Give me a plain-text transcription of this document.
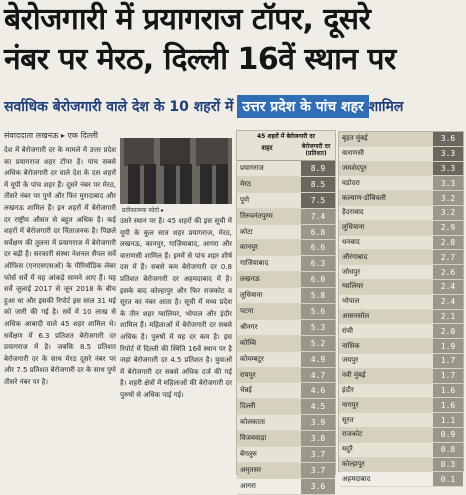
बेरोजगारी में प्रयागराज टॉपर, दूसरे
नंबर पर मेरठ, दिल्ली 16वें स्थान पर
सर्वाधिक बेरोजगारी वाले देश के 10 शहरों में उत्तर प्रदेश के पांच शहर शामिल
संवाददाता लखनऊ ▸ एक दिल्ली
देश में बेरोजगारी दर के मामले में उत्तर प्रदेश का प्रयागराज शहर टॉपर है। पांच सबसे अधिक बेरोजगारी दर वाले देश के दस शहरों में यूपी के पांच शहर हैं। दूसरे नंबर पर मेरठ, तीसरे नंबर पर पुणे और फिर मुरादाबाद और लखनऊ शामिल हैं। इन शहरों में बेरोजगारी दर राष्ट्रीय औसत से बहुत अधिक है। कई शहरों में बेरोजगारी दर चिंताजनक है। पिछले सर्वेक्षण की तुलना में प्रयागराज में बेरोजगारी दर बढ़ी है। सरकारी संस्था नेशनल सैंपल सर्वे ऑफिस (एनएसएसओ) के पीरियॉडिक लेबर फोर्स सर्वे में यह आंकड़े सामने आए हैं। यह सर्वे जुलाई 2017 से जून 2018 के बीच हुआ था और इसकी रिपोर्ट इस साल 31 मई को जारी की गई है। सर्वे में 10 लाख से अधिक आबादी वाले 45 शहर शामिल थे। सर्वेक्षण में 6.3 प्रतिशत बेरोजगारी दर प्रयागराज में है। जबकि 8.5 प्रतिशत बेरोजगारी दर के साथ मेरठ दूसरे नंबर पर और 7.5 प्रतिशत बेरोजगारी दर के साथ पुणे तीसरे नंबर पर है।
प्रतीकात्मक फोटो ▸
उसरे स्थान पर है। 45 शहरों की इस सूची में यूपी के कुल सात शहर प्रयागराज, मेरठ, लखनऊ, कानपुर, गाजियाबाद, आगरा और वाराणसी शामिल हैं। इनमें से पांच शहर शीर्ष दस में हैं। सबसे कम बेरोजगारी दर 0.8 प्रतिशत बेरोजगारी दर अहमदाबाद में है। इसके बाद कोल्हापुर और फिर राजकोट व सूरत का नंबर आता है। सूची में मध्य प्रदेश के तीन शहर ग्वालियर, भोपाल और इंदौर शामिल हैं। महिलाओं में बेरोजगारी दर सबसे अधिक है। पुरुषों में यह दर कम है। इस रिपोर्ट में दिल्ली की स्थिति 16वें स्थान पर है जहां बेरोजगारी दर 4.5 प्रतिशत है। युवाओं में बेरोजगारी दर सबसे अधिक दर्ज की गई है। शहरी क्षेत्रों में महिलाओं की बेरोजगारी दर पुरुषों से अधिक पाई गई।
45 शहरों में बेरोजगारी दर
शहर	बेरोजगारी दर (प्रतिशत)
प्रयागराज	8.9
मेरठ	8.5
पुणे	7.5
तिरुवनंतपुरम	7.4
कोटा	6.8
कानपुर	6.6
गाजियाबाद	6.3
लखनऊ	6.0
लुधियाना	5.8
पटना	5.6
श्रीनगर	5.3
कोच्चि	5.2
कोयम्बटूर	4.9
रायपुर	4.7
चेन्नई	4.6
दिल्ली	4.5
कोलकाता	3.9
विजयवाड़ा	3.8
बेंगलुरु	3.7
अमृतसर	3.7
आगरा	3.6
बृहत मुंबई	3.6
वाराणसी	3.3
जमशेदपुर	3.3
वडोदरा	3.3
कल्याण-डोंबिवली	3.2
हैदराबाद	3.2
लुधियाना	2.9
धनबाद	2.8
औरंगाबाद	2.7
जोधपुर	2.6
ग्वालियर	2.4
भोपाल	2.4
आसनसोल	2.1
रांची	2.0
नासिक	1.9
जयपुर	1.7
नवी मुंबई	1.7
इंदौर	1.6
नागपुर	1.6
सूरत	1.1
राजकोट	0.9
मदुरै	0.8
कोल्हापुर	0.3
अहमदाबाद	0.1
